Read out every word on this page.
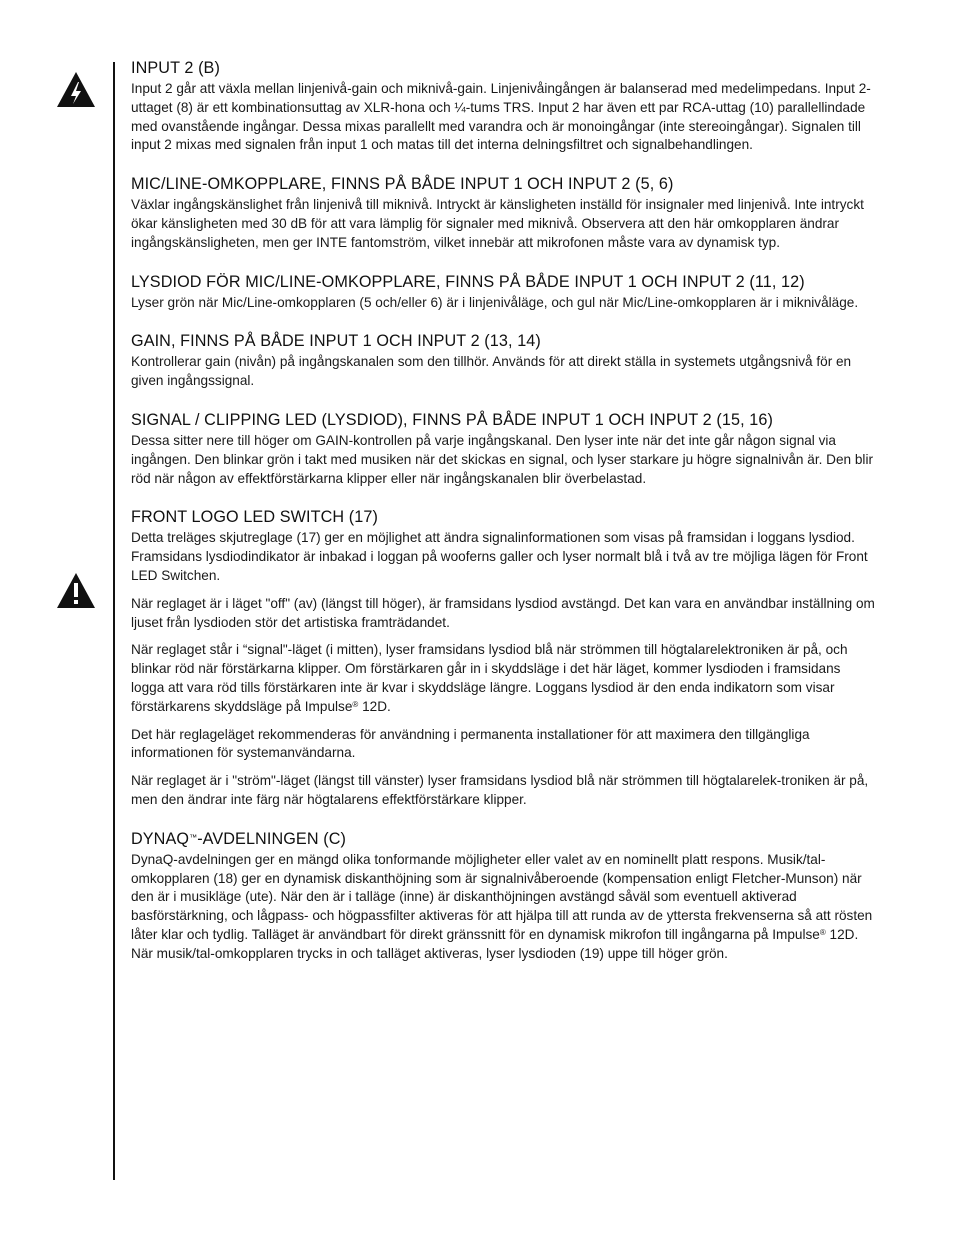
INPUT 2 (B)

Input 2 går att växla mellan linjenivå-gain och miknivå-gain. Linjenivåingången är balanserad med medelimpedans. Input 2-uttaget (8) är ett kombinationsuttag av XLR-hona och ¼-tums TRS. Input 2 har även ett par RCA-uttag (10) parallellindade med ovanstående ingångar. Dessa mixas parallellt med varandra och är monoingångar (inte stereoingångar). Signalen till input 2 mixas med signalen från input 1 och matas till det interna delningsfiltret och signalbehandlingen.

MIC/LINE-OMKOPPLARE, FINNS PÅ BÅDE INPUT 1 OCH INPUT 2 (5, 6)

Växlar ingångskänslighet från linjenivå till miknivå. Intryckt är känsligheten inställd för insignaler med linjenivå. Inte intryckt ökar känsligheten med 30 dB för att vara lämplig för signaler med miknivå. Observera att den här omkopplaren ändrar ingångskänsligheten, men ger INTE fantomström, vilket innebär att mikrofonen måste vara av dynamisk typ.

LYSDIOD FÖR MIC/LINE-OMKOPPLARE, FINNS PÅ BÅDE INPUT 1 OCH INPUT 2 (11, 12)

Lyser grön när Mic/Line-omkopplaren (5 och/eller 6) är i linjenivåläge, och gul när Mic/Line-omkopplaren är i miknivåläge.

GAIN, FINNS PÅ BÅDE INPUT 1 OCH INPUT 2 (13, 14)

Kontrollerar gain (nivån) på ingångskanalen som den tillhör. Används för att direkt ställa in systemets utgångsnivå för en given ingångssignal.

SIGNAL / CLIPPING LED (LYSDIOD), FINNS PÅ BÅDE INPUT 1 OCH INPUT 2 (15, 16)

Dessa sitter nere till höger om GAIN-kontrollen på varje ingångskanal. Den lyser inte när det inte går någon signal via ingången. Den blinkar grön i takt med musiken när det skickas en signal, och lyser starkare ju högre signalnivån är. Den blir röd när någon av effektförstärkarna klipper eller när ingångskanalen blir överbelastad.

FRONT LOGO LED SWITCH (17)

Detta treläges skjutreglage (17) ger en möjlighet att ändra signalinformationen som visas på framsidan i loggans lysdiod. Framsidans lysdiodindikator är inbakad i loggan på wooferns galler och lyser normalt blå i två av tre möjliga lägen för Front LED Switchen.

När reglaget är i läget "off" (av) (längst till höger), är framsidans lysdiod avstängd. Det kan vara en användbar inställning om ljuset från lysdioden stör det artistiska framträdandet.

När reglaget står i “signal"-läget (i mitten), lyser framsidans lysdiod blå när strömmen till högtalarelektroniken är på, och blinkar röd när förstärkarna klipper. Om förstärkaren går in i skyddsläge i det här läget, kommer lysdioden i framsidans logga att vara röd tills förstärkaren inte är kvar i skyddsläge längre. Loggans lysdiod är den enda indikatorn som visar förstärkarens skyddsläge på Impulse® 12D.

Det här reglageläget rekommenderas för användning i permanenta installationer för att maximera den tillgängliga informationen för systemanvändarna.

När reglaget är i "ström"-läget (längst till vänster) lyser framsidans lysdiod blå när strömmen till högtalarelek-troniken är på, men den ändrar inte färg när högtalarens effektförstärkare klipper.

DYNAQ™-AVDELNINGEN (C)

DynaQ-avdelningen ger en mängd olika tonformande möjligheter eller valet av en nominellt platt respons. Musik/tal-omkopplaren (18) ger en dynamisk diskanthöjning som är signalnivåberoende (kompensation enligt Fletcher-Munson) när den är i musikläge (ute). När den är i talläge (inne) är diskanthöjningen avstängd såväl som eventuell aktiverad basförstärkning, och lågpass- och högpassfilter aktiveras för att hjälpa till att runda av de yttersta frekvenserna så att rösten låter klar och tydlig. Talläget är användbart för direkt gränssnitt för en dynamisk mikrofon till ingångarna på Impulse® 12D. När musik/tal-omkopplaren trycks in och talläget aktiveras, lyser lysdioden (19) uppe till höger grön.
